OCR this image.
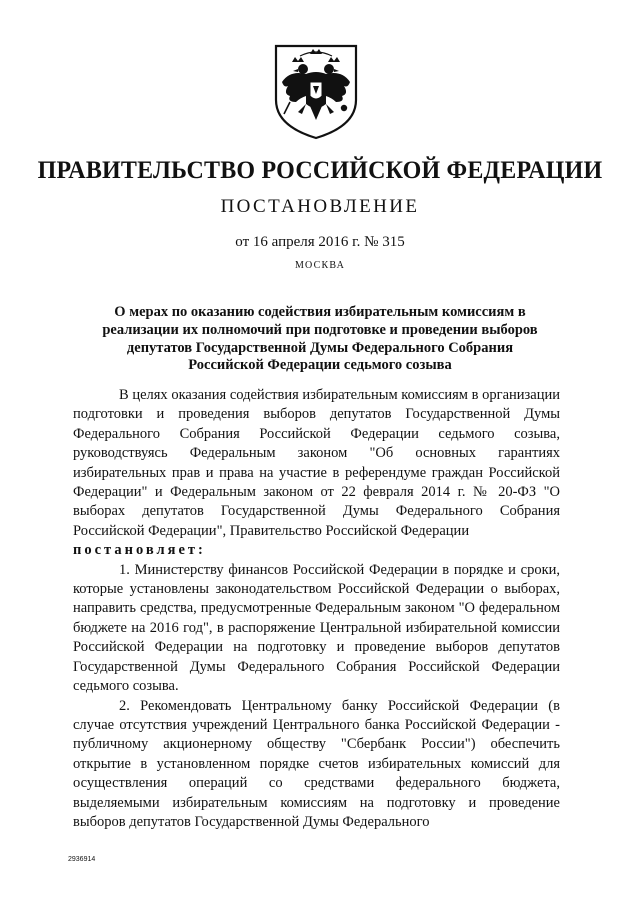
ПРАВИТЕЛЬСТВО РОССИЙСКОЙ ФЕДЕРАЦИИ
ПОСТАНОВЛЕНИЕ
от 16 апреля 2016 г. № 315
МОСКВА
О мерах по оказанию содействия избирательным комиссиям в реализации их полномочий при подготовке и проведении выборов депутатов Государственной Думы Федерального Собрания Российской Федерации седьмого созыва

В целях оказания содействия избирательным комиссиям в организации подготовки и проведения выборов депутатов Государственной Думы Федерального Собрания Российской Федерации седьмого созыва, руководствуясь Федеральным законом "Об основных гарантиях избирательных прав и права на участие в референдуме граждан Российской Федерации" и Федеральным законом от 22 февраля 2014 г. № 20-ФЗ "О выборах депутатов Государственной Думы Федерального Собрания Российской Федерации", Правительство Российской Федерации

постановляет:

1. Министерству финансов Российской Федерации в порядке и сроки, которые установлены законодательством Российской Федерации о выборах, направить средства, предусмотренные Федеральным законом "О федеральном бюджете на 2016 год", в распоряжение Центральной избирательной комиссии Российской Федерации на подготовку и проведение выборов депутатов Государственной Думы Федерального Собрания Российской Федерации седьмого созыва.

2. Рекомендовать Центральному банку Российской Федерации (в случае отсутствия учреждений Центрального банка Российской Федерации - публичному акционерному обществу "Сбербанк России") обеспечить открытие в установленном порядке счетов избирательных комиссий для осуществления операций со средствами федерального бюджета, выделяемыми избирательным комиссиям на подготовку и проведение выборов депутатов Государственной Думы Федерального

2936914
